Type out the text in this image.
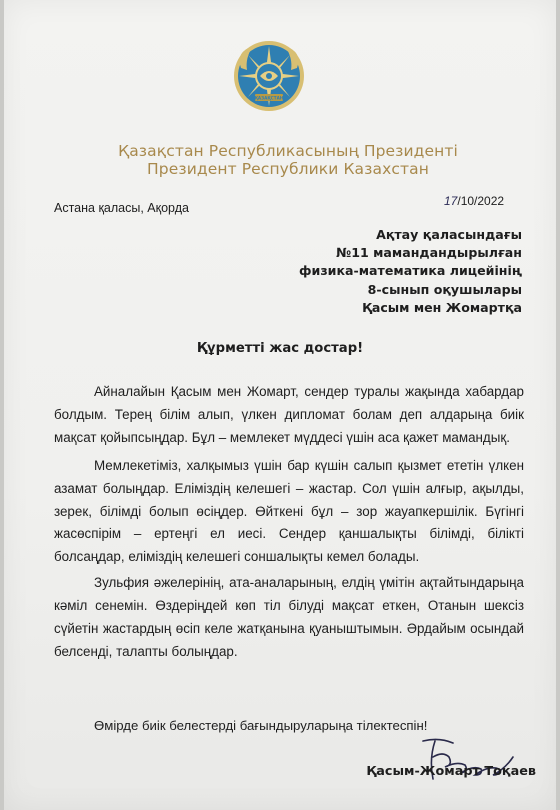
ҚАЗАҚСТАН
Қазақстан Республикасының Президенті
Президент Республики Казахстан
Астана қаласы, Ақорда	17/10/2022
Ақтау қаласындағы
№11 мамандандырылған
физика-математика лицейінің
8-сынып оқушылары
Қасым мен Жомартқа
Құрметті жас достар!

Айналайын Қасым мен Жомарт, сендер туралы жақында хабардар болдым. Терең білім алып, үлкен дипломат болам деп алдарыңа биік мақсат қойыпсыңдар. Бұл – мемлекет мүддесі үшін аса қажет мамандық.

Мемлекетіміз, халқымыз үшін бар күшін салып қызмет ететін үлкен азамат болыңдар. Еліміздің келешегі – жастар. Сол үшін алғыр, ақылды, зерек, білімді болып өсіңдер. Өйткені бұл – зор жауапкершілік. Бүгінгі жасөспірім – ертеңгі ел иесі. Сендер қаншалықты білімді, білікті болсаңдар, еліміздің келешегі соншалықты кемел болады.

Зульфия әжелерінің, ата-аналарының, елдің үмітін ақтайтындарыңа кәміл сенемін. Өздеріңдей көп тіл білуді мақсат еткен, Отанын шексіз сүйетін жастардың өсіп келе жатқанына қуаныштымын. Әрдайым осындай белсенді, талапты болыңдар.

Өмірде биік белестерді бағындыруларыңа тілектеспін!
Қасым-Жомарт Тоқаев
